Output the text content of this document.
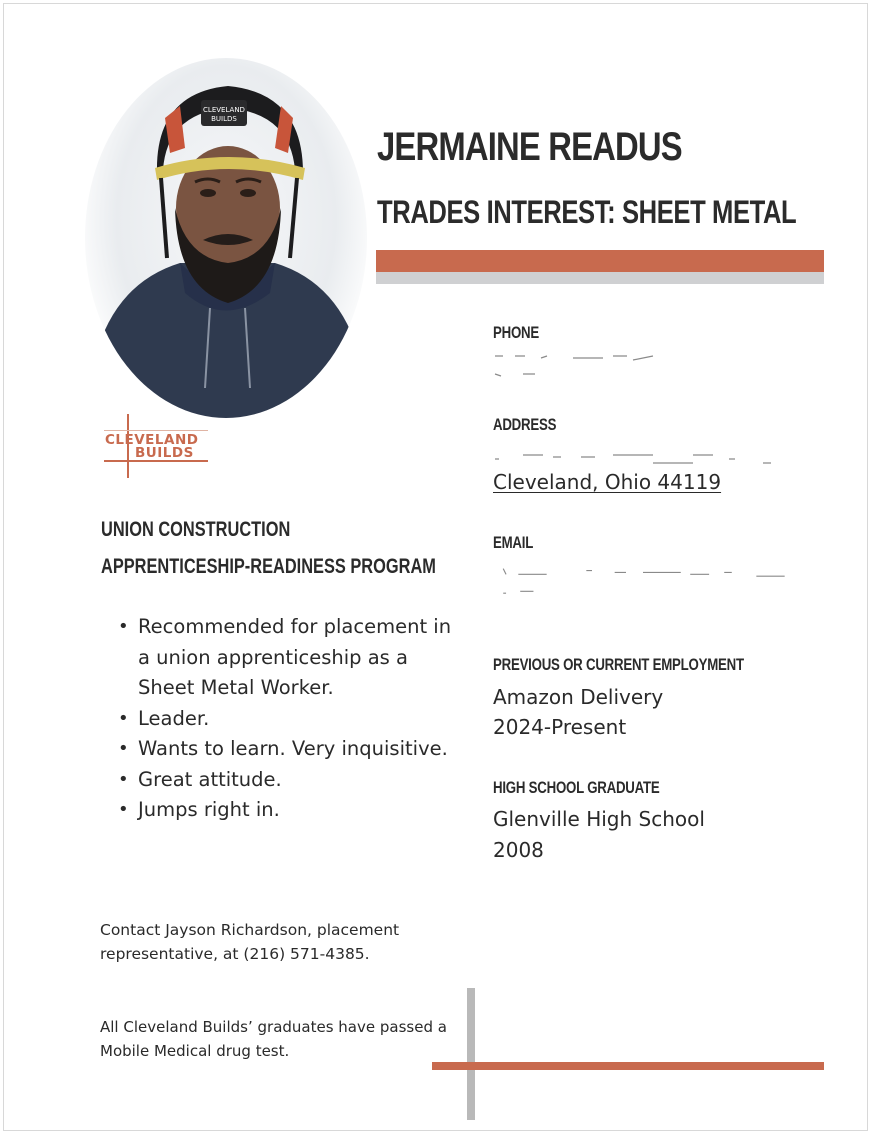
CLEVELAND
BUILDS
JERMAINE READUS
TRADES INTEREST: SHEET METAL
CLEVELAND
BUILDS
UNION CONSTRUCTION
APPRENTICESHIP-READINESS PROGRAM
• Recommended for placement in a union apprenticeship as a Sheet Metal Worker.
• Leader.
• Wants to learn. Very inquisitive.
• Great attitude.
• Jumps right in.
Contact Jayson Richardson, placement representative, at (216) 571-4385.
All Cleveland Builds’ graduates have passed a Mobile Medical drug test.
PHONE
ADDRESS
Cleveland, Ohio 44119
EMAIL
PREVIOUS OR CURRENT EMPLOYMENT
Amazon Delivery
2024-Present
HIGH SCHOOL GRADUATE
Glenville High School
2008
